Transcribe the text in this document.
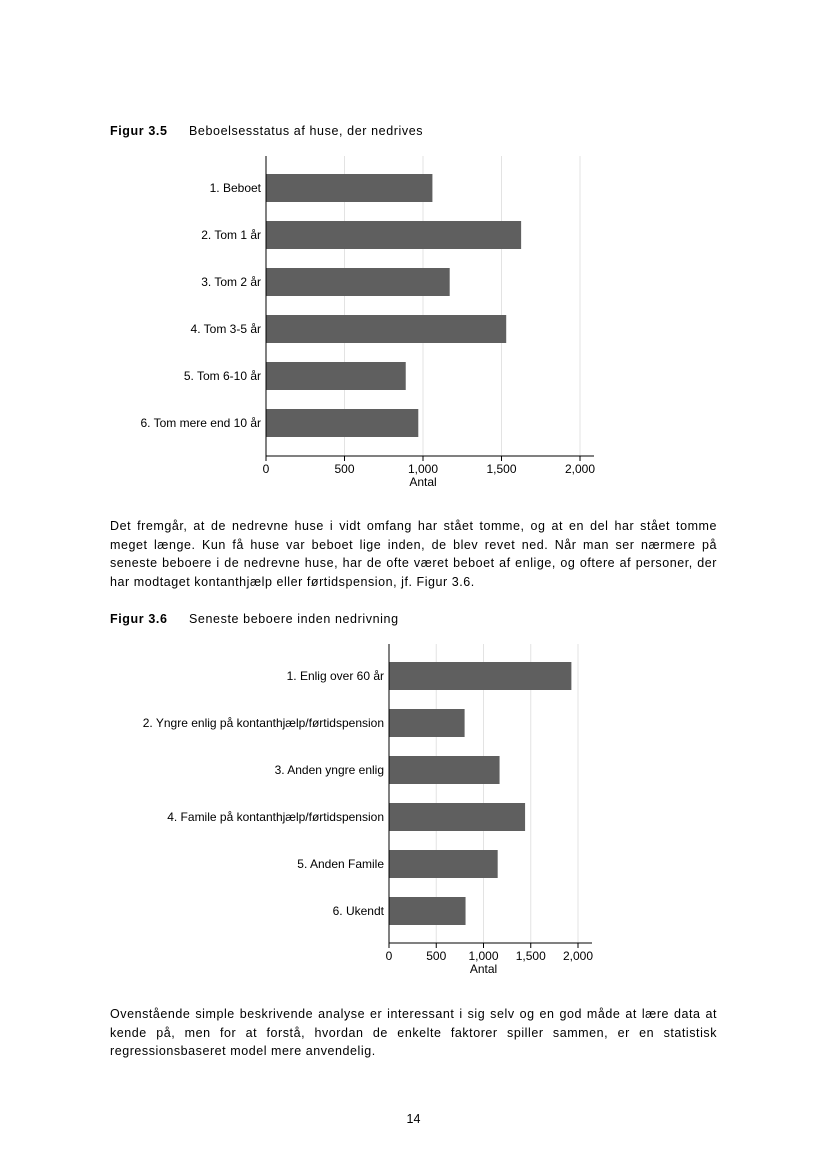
Figur 3.5 Beboelsesstatus af huse, der nedrives
1. Beboet
2. Tom 1 år
3. Tom 2 år
4. Tom 3-5 år
5. Tom 6-10 år
6. Tom mere end 10 år
0	500	1,000	1,500	2,000
Antal

Det fremgår, at de nedrevne huse i vidt omfang har stået tomme, og at en del har stået tomme meget længe. Kun få huse var beboet lige inden, de blev revet ned. Når man ser nærmere på seneste beboere i de nedrevne huse, har de ofte været beboet af enlige, og oftere af personer, der har modtaget kontanthjælp eller førtidspension, jf. Figur 3.6.

Figur 3.6 Seneste beboere inden nedrivning
1. Enlig over 60 år
2. Yngre enlig på kontanthjælp/førtidspension
3. Anden yngre enlig
4. Famile på kontanthjælp/førtidspension
5. Anden Famile
6. Ukendt
0	500 1,000 1,500 2,000
Antal

Ovenstående simple beskrivende analyse er interessant i sig selv og en god måde at lære data at kende på, men for at forstå, hvordan de enkelte faktorer spiller sammen, er en statistisk regressionsbaseret model mere anvendelig.

14
